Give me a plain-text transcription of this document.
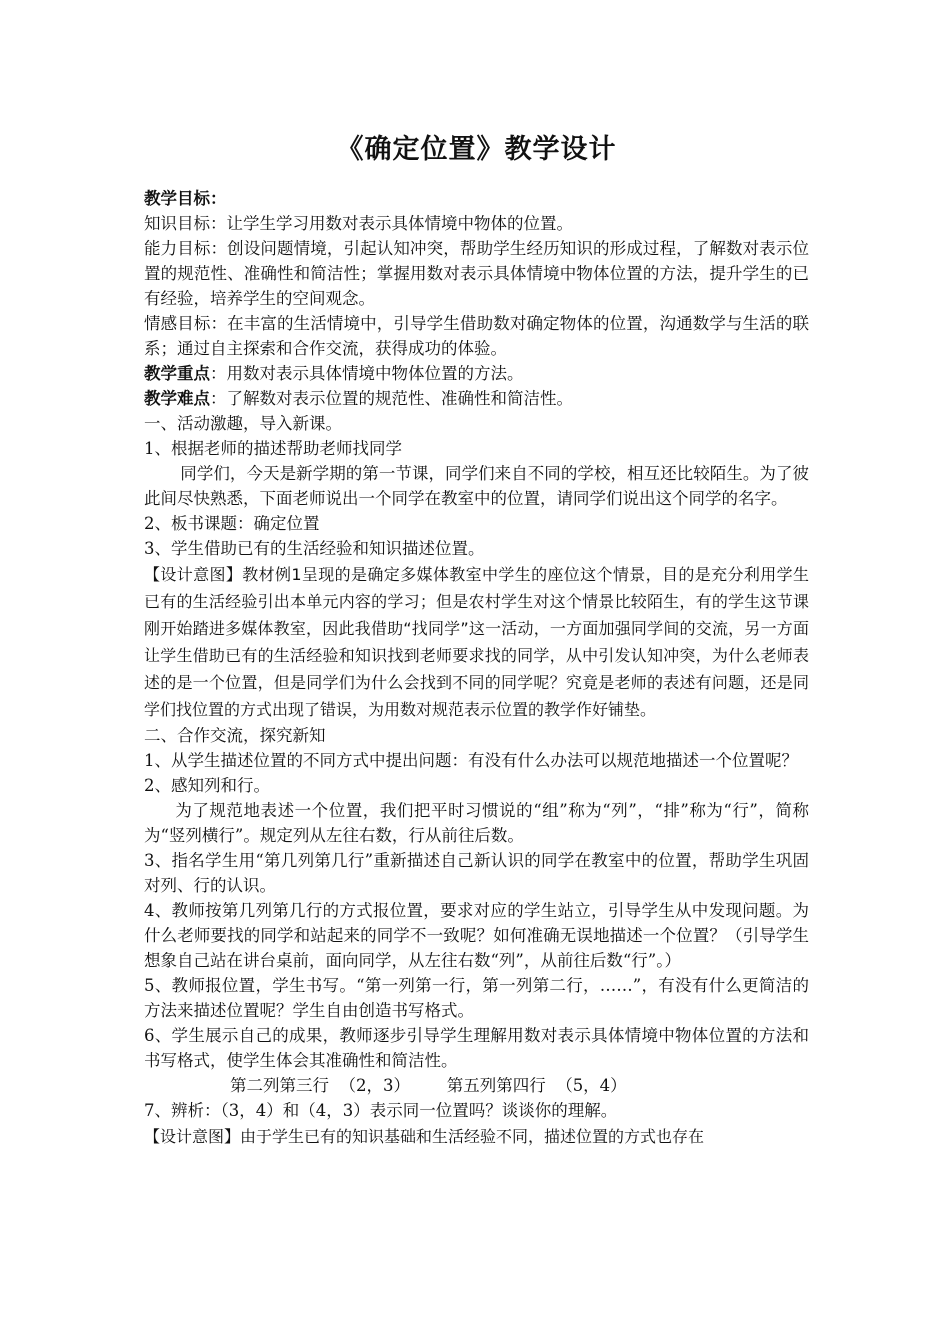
《确定位置》教学设计

教学目标：

知识目标：让学生学习用数对表示具体情境中物体的位置。

能力目标：创设问题情境，引起认知冲突，帮助学生经历知识的形成过程，了解数对表示位置的规范性、准确性和简洁性；掌握用数对表示具体情境中物体位置的方法，提升学生的已有经验，培养学生的空间观念。

情感目标：在丰富的生活情境中，引导学生借助数对确定物体的位置，沟通数学与生活的联系；通过自主探索和合作交流，获得成功的体验。

教学重点：用数对表示具体情境中物体位置的方法。

教学难点：了解数对表示位置的规范性、准确性和简洁性。

一、活动激趣，导入新课。

1、根据老师的描述帮助老师找同学

同学们，今天是新学期的第一节课，同学们来自不同的学校，相互还比较陌生。为了彼此间尽快熟悉，下面老师说出一个同学在教室中的位置，请同学们说出这个同学的名字。

2、板书课题：确定位置

3、学生借助已有的生活经验和知识描述位置。

【设计意图】教材例1呈现的是确定多媒体教室中学生的座位这个情景，目的是充分利用学生已有的生活经验引出本单元内容的学习；但是农村学生对这个情景比较陌生，有的学生这节课刚开始踏进多媒体教室，因此我借助“找同学”这一活动，一方面加强同学间的交流，另一方面让学生借助已有的生活经验和知识找到老师要求找的同学，从中引发认知冲突，为什么老师表述的是一个位置，但是同学们为什么会找到不同的同学呢？究竟是老师的表述有问题，还是同学们找位置的方式出现了错误，为用数对规范表示位置的教学作好铺垫。

二、合作交流，探究新知

1、从学生描述位置的不同方式中提出问题：有没有什么办法可以规范地描述一个位置呢？

2、感知列和行。

为了规范地表述一个位置，我们把平时习惯说的“组”称为“列”，“排”称为“行”，简称为“竖列横行”。规定列从左往右数，行从前往后数。

3、指名学生用“第几列第几行”重新描述自己新认识的同学在教室中的位置，帮助学生巩固对列、行的认识。

4、教师按第几列第几行的方式报位置，要求对应的学生站立，引导学生从中发现问题。为什么老师要找的同学和站起来的同学不一致呢？如何准确无误地描述一个位置？（引导学生想象自己站在讲台桌前，面向同学，从左往右数“列”，从前往后数“行”。）

5、教师报位置，学生书写。“第一列第一行，第一列第二行，……”，有没有什么更简洁的方法来描述位置呢？学生自由创造书写格式。

6、学生展示自己的成果，教师逐步引导学生理解用数对表示具体情境中物体位置的方法和书写格式，使学生体会其准确性和简洁性。

第二列第三行  （2，3）       第五列第四行  （5，4）

7、辨析：（3，4）和（4，3）表示同一位置吗？谈谈你的理解。

【设计意图】由于学生已有的知识基础和生活经验不同，描述位置的方式也存在
